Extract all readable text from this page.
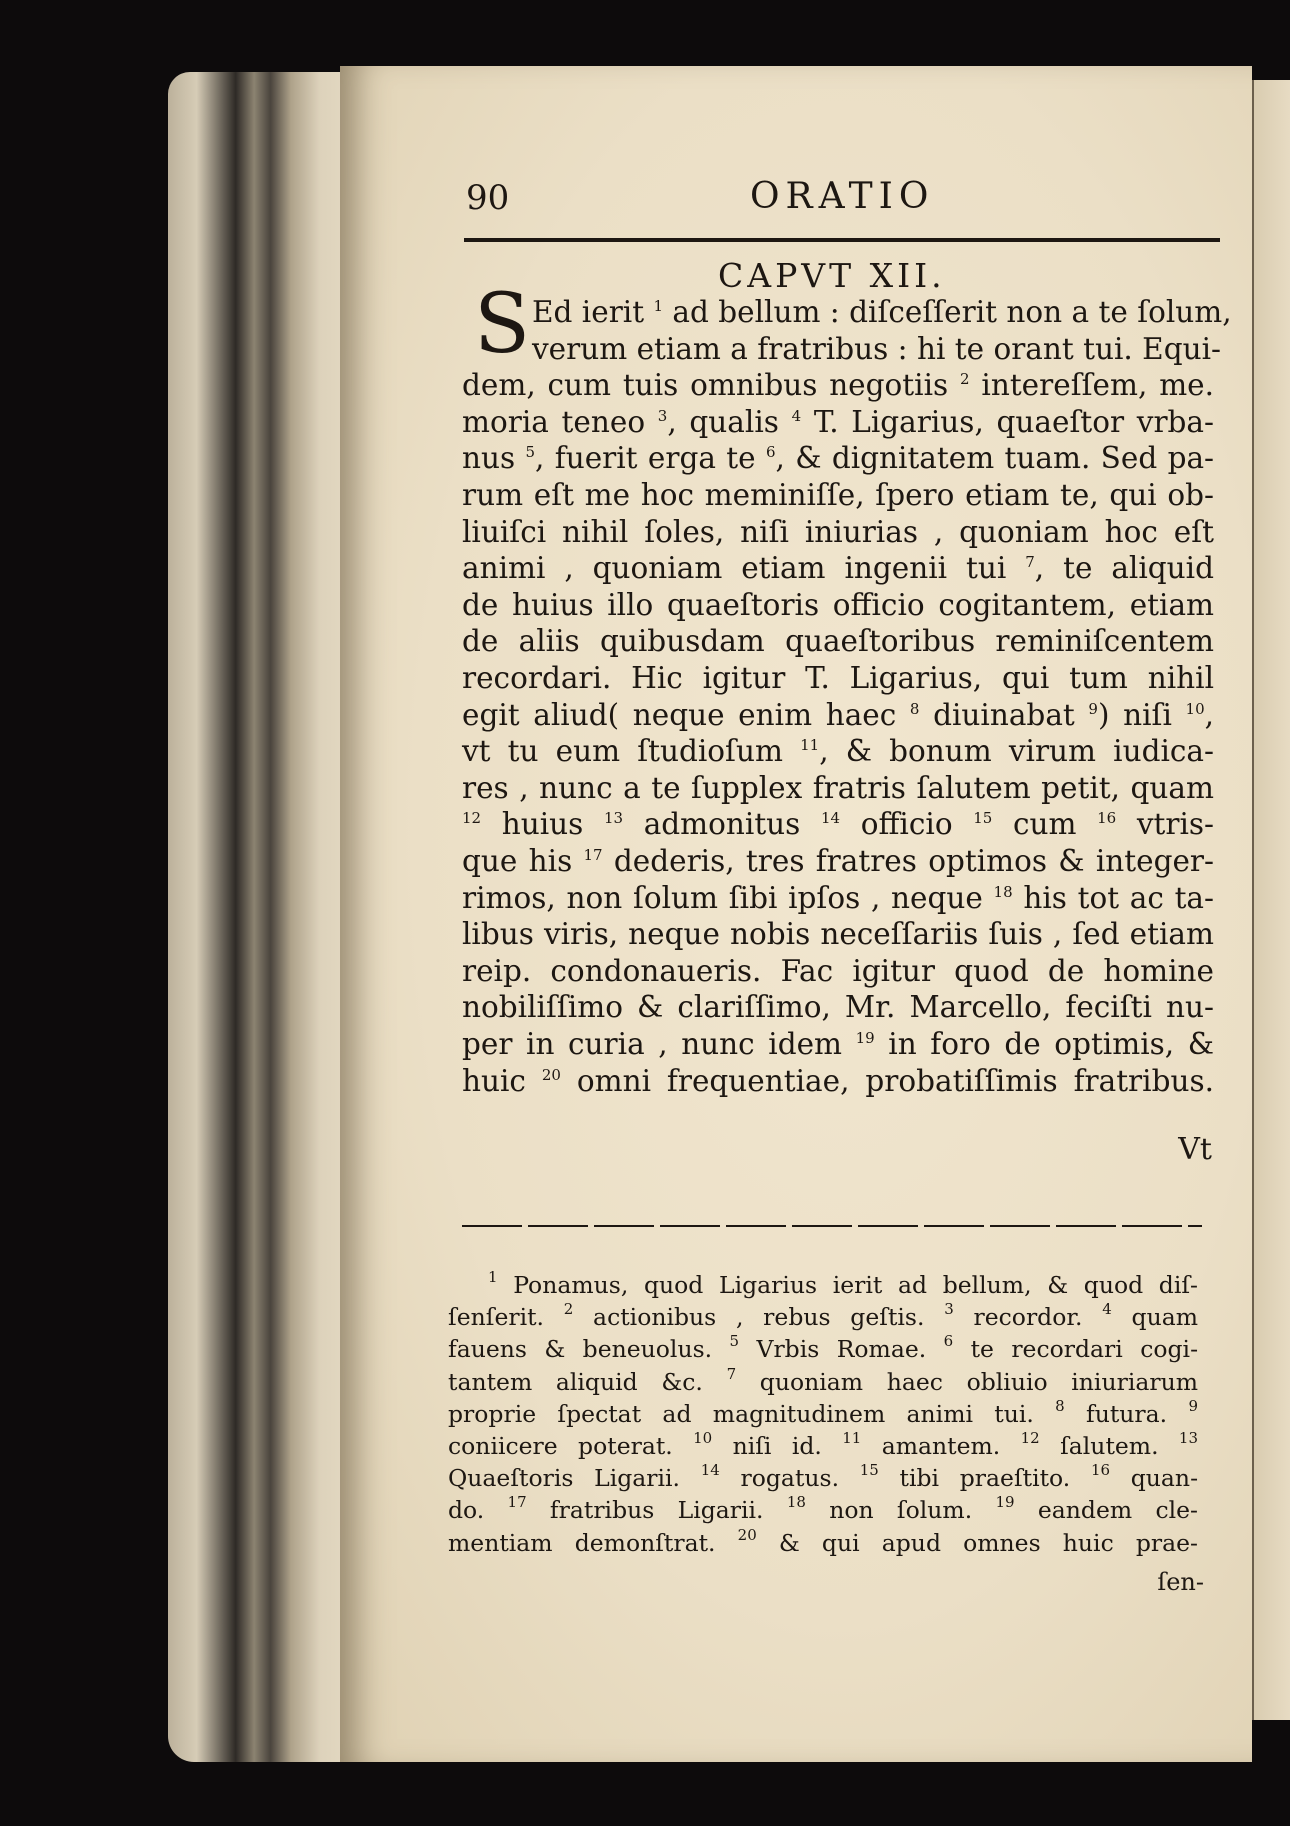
90	ORATIO
CAPVT XII.
S Ed ierit $^1$ ad bellum : diſceſſerit non a te ſolum,
verum etiam a fratribus : hi te orant tui. Equi-
dem, cum tuis omnibus negotiis $^2$ intereſſem, me.
moria teneo $^3$, qualis $^4$ T. Ligarius, quaeſtor vrba-
nus $^5$, fuerit erga te $^6$, & dignitatem tuam. Sed pa-
rum eſt me hoc meminiſſe, ſpero etiam te, qui ob-
liuiſci nihil ſoles, niſi iniurias , quoniam hoc eſt
animi , quoniam etiam ingenii tui $^7$, te aliquid
de huius illo quaeſtoris officio cogitantem, etiam
de aliis quibusdam quaeſtoribus reminiſcentem
recordari. Hic igitur T. Ligarius, qui tum nihil
egit aliud( neque enim haec $^8$ diuinabat $^9$) niſi $^{10}$,
vt tu eum ſtudioſum $^{11}$, & bonum virum iudica-
res , nunc a te ſupplex fratris ſalutem petit, quam
$^{12}$ huius $^{13}$ admonitus $^{14}$ officio $^{15}$ cum $^{16}$ vtris-
que his $^{17}$ dederis, tres fratres optimos & integer-
rimos, non ſolum ſibi ipſos , neque $^{18}$ his tot ac ta-
libus viris, neque nobis neceſſariis ſuis , ſed etiam
reip. condonaueris. Fac igitur quod de homine
nobiliſſimo & clariſſimo, Mr. Marcello, feciſti nu-
per in curia , nunc idem $^{19}$ in foro de optimis, &
huic $^{20}$ omni frequentiae, probatiſſimis fratribus.
Vt
$^1$ Ponamus, quod Ligarius ierit ad bellum, & quod diſ-
ſenſerit. $^2$ actionibus , rebus geſtis. $^3$ recordor. $^4$ quam
fauens & beneuolus. $^5$ Vrbis Romae. $^6$ te recordari cogi-
tantem aliquid &c. $^7$ quoniam haec obliuio iniuriarum
proprie ſpectat ad magnitudinem animi tui. $^8$ futura. $^9$
coniicere poterat. $^{10}$ niſi id. $^{11}$ amantem. $^{12}$ ſalutem. $^{13}$
Quaeſtoris Ligarii. $^{14}$ rogatus. $^{15}$ tibi praeſtito. $^{16}$ quan-
do. $^{17}$ fratribus Ligarii. $^{18}$ non ſolum. $^{19}$ eandem cle-
mentiam demonſtrat. $^{20}$ & qui apud omnes huic prae-
ſen-
